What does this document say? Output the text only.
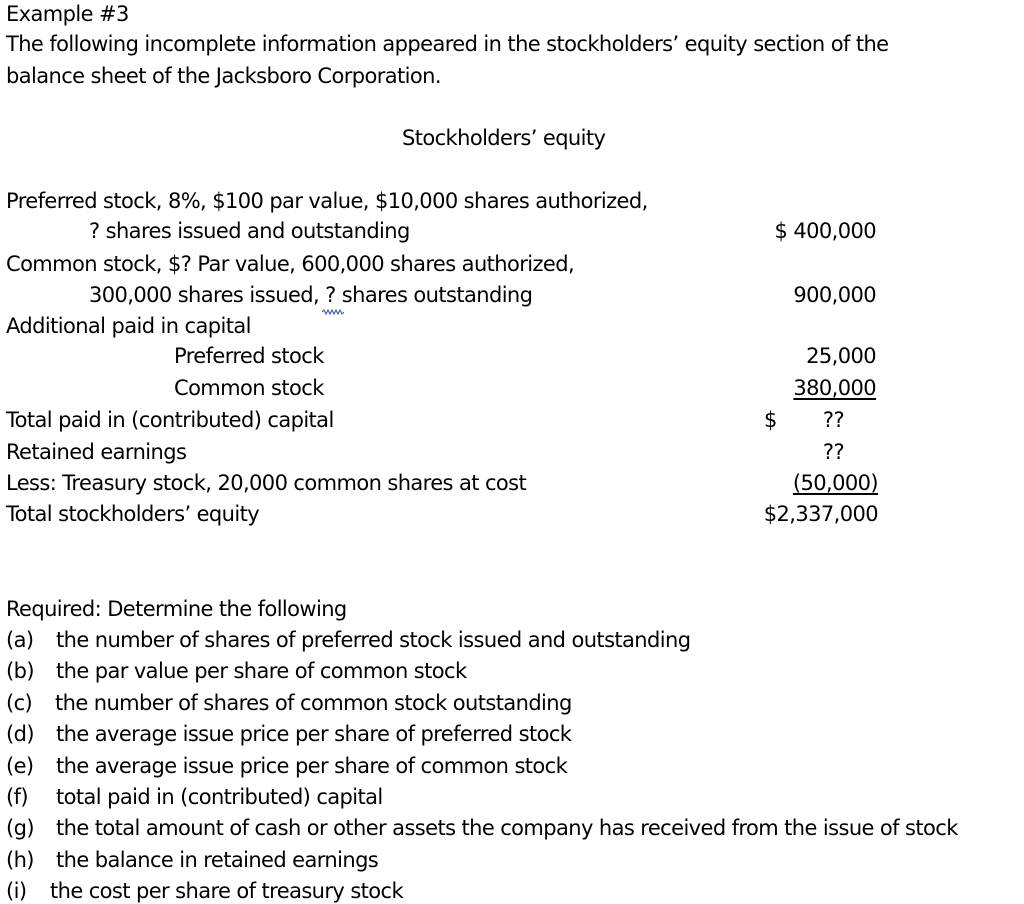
Example #3
The following incomplete information appeared in the stockholders’ equity section of the
balance sheet of the Jacksboro Corporation.
Stockholders’ equity
Preferred stock, 8%, $100 par value, $10,000 shares authorized,
? shares issued and outstanding	$ 400,000
Common stock, $? Par value, 600,000 shares authorized,
300,000 shares issued, ? shares outstanding	900,000
Additional paid in capital
Preferred stock	25,000
Common stock	380,000
Total paid in (contributed) capital	$ ??
Retained earnings	??
Less: Treasury stock, 20,000 common shares at cost	(50,000)
Total stockholders’ equity	$2,337,000
Required: Determine the following
(a) the number of shares of preferred stock issued and outstanding
(b) the par value per share of common stock
(c) the number of shares of common stock outstanding
(d) the average issue price per share of preferred stock
(e) the average issue price per share of common stock
(f) total paid in (contributed) capital
(g) the total amount of cash or other assets the company has received from the issue of stock
(h) the balance in retained earnings
(i) the cost per share of treasury stock
